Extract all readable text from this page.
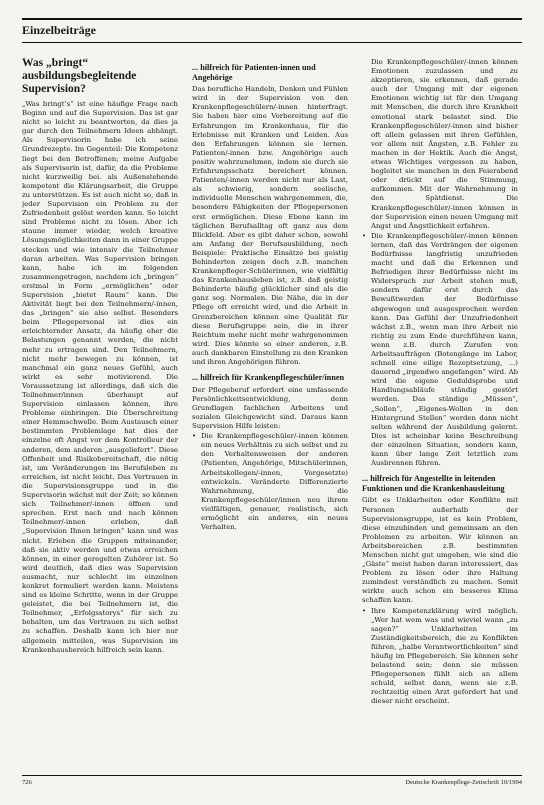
Einzelbeiträge
Was „bringt“ ausbildungsbegleitende Supervision?

„Was bringt’s“ ist eine häufige Frage nach Beginn und auf die Supervision. Das ist gar nicht so leicht zu beantworten, da dies ja gar durch den Teilnehmern Ideen abhängt. Als Supervisorin habe ich seine Grundrezepte. Im Gegenteil: Die Kompetenz liegt bei den Betroffenen; meine Aufgabe als Supervisorin ist, dafür, da die Probleme nicht kurzweilig bei. als Außenstehende kompetent die Klärungsarbeit, die Gruppe zu unterstützen. Es ist auch nicht so, daß in jeder Supervision ein Problem zu der Zufriedenheit gelöst werden kann. So leicht sind Probleme nicht zu lösen. Aber ich staune immer wieder, welch kreative Lösungsmöglichkeiten dann in einer Gruppe stecken und wie intensiv die Teilnehmer daran arbeiten. Was Supervision bringen kann, habe ich im folgenden zusammengetragen, nachdem ich „bringen“ erstmal in Form „ermöglichen“ oder Supervision „bietet Raum“ kann. Die Aktivität liegt bei den Teilnehmern/-innen, das „bringen“ sie also selbst. Besonders beim Pflegepersonal ist dies ein erleichternder Ansatz, da häufig eher die Belastungen genannt werden, die nicht mehr zu ertragen sind. Den Teilnehmern, nicht mehr bewegen zu können, ist manchmal ein ganz neues Gefühl, auch wirkt es sehr motivierend. Die Voraussetzung ist allerdings, daß sich die Teilnehmer/innen überhaupt auf Supervision einlassen können, ihre Probleme einbringen. Die Überschreitung einer Hemmschwelle. Beim Austausch einer bestimmten Problemlage hat dies der einzelne oft Angst vor dem Kontrolleur der anderen, dem anderen „ausgeliefert“. Diese Offenheit und Risikobereitschaft, die nötig ist, um Veränderungen im Berufsleben zu erreichen, ist nicht leicht. Das Vertrauen in die Supervisionsgruppe und in die Supervisorin wächst mit der Zeit; so können sich Teilnehmer/-innen öffnen und sprechen. Erst nach und nach können Teilnehmer/-innen erleben, daß „Supervision Ihnen bringen“ kann und was nicht. Erleben die Gruppen miteinander, daß sie aktiv werden und etwas erreichen können, in einer geregelten Zuhörer ist. So wird deutlich, daß dies was Supervision ausmacht, nur schlecht im einzelnen konkret formuliert werden kann. Meistens sind es kleine Schritte, wenn in der Gruppe geleistet, die bei Teilnehmern ist, die Teilnehmer, „Erfolgsstorys“ für sich zu behalten, um das Vertrauen zu sich selbst zu schaffen. Deshalb kann ich hier nur allgemein mitteilen, was Supervision im Krankenhausbereich hilfreich sein kann.

... hilfreich für Patienten-innen und Angehörige

Das berufliche Handeln, Denken und Fühlen wird in der Supervision von den Krankenpflegeschülern/-innen hinterfragt. Sie haben hier eine Vorbereitung auf die Erfahrungen im Krankenhaus, für die Erlebnisse mit Kranken und Leiden. Aus den Erfahrungen können sie lernen. Patienten/-innen bzw. Angehörige auch positiv wahrzunehmen, indem sie durch sie Erfahrungsschatz bereichert können. Patienten/-innen werden nicht nur als Last, als schwierig, sondern seelische, individuelle Menschen wahrgenommen, die, besondere Fähigkeiten der Pflegepersonen erst ermöglichen. Diese Ebene kann im täglichen Berufsalltag oft ganz aus dem Blickfeld. Aber es gibt daher schon, sowohl am Anfang der Berufsausbildung, noch Beispiele: Praktische Einsätze bei geistig Behinderten zeigen doch z.B. manchen Krankenpfleger-Schülerinnen, wie vielfältig das Krankenhausleben ist, z.B. daß geistig Behinderte häufig glücklicher sind als die ganz sog. Normalen. Die Nähe, die in der Pflege oft erreicht wird, und die Arbeit in Grenzbereichen können eine Qualität für diese Berufsgruppe sein, die in ihrer Reichtum mehr nicht mehr wahrgenommen wird. Dies könnte so einer anderen, z.B. auch dankbaren Einstellung zu den Kranken und ihren Angehörigen führen.

... hilfreich für Krankenpflegeschüler/innen

Der Pflegeberuf erfordert eine umfassende Persönlichkeitsentwicklung, denn Grundlagen fachlichen Arbeitens und sozialen Gleichgewicht sind. Daraus kann Supervision Hilfe leisten:

• Die Krankenpflegeschüler/-innen können ein neues Verhältnis zu sich selbst und zu den Verhaltensweisen der anderen (Patienten, Angehörige, Mitschülerinnen, Arbeitskollegen/-innen, Vorgesetzte) entwickeln. Veränderte Differenzierte Wahrnehmung, die Krankenpflegeschüler/innen neu ihrem vielfältigen, genauer, realistisch, sich ermöglicht ein anderes, ein neues Verhalten.
Die Krankenpflegeschüler/-innen können Emotionen zuzulassen und zu akzeptieren, sie erkennen, daß gerade auch der Umgang mit der eigenen Emotionen wichtig ist für den Umgang mit Menschen, die durch ihre Krankheit emotional stark belastet sind. Die Krankenpflegeschüler/-innen sind bisher oft allein gelassen mit ihren Gefühlen, vor allem mit Ängsten, z.B. Fehler zu machen in der Hektik. Auch die Angst, etwas Wichtiges vergessen zu haben, begleitet sie manchen in den Feierabend oder drückt auf die Stimmung, aufkommen. Mit der Wahrnehmung in den Spätdienst. Die Krankenpflegeschüler/-innen können in der Supervision einen neuen Umgang mit Angst und Ängstlichkeit erfahren.
• Die Krankenpflegeschüler/-innen können lernen, daß das Verdrängen der eigenen Bedürfnisse langfristig unzufrieden macht und daß die Erkennen und Befriedigen ihrer Bedürfnisse nicht im Widerspruch zur Arbeit stehen muß, sondern dafür erst durch das Bewußtwerden der Bedürfnisse abgewogen und ausgesprochen werden kann. Das Gefühl der Unzufriedenheit wächst z.B., wenn man ihre Arbeit nie richtig zu zum Ende durchführen kann, wenn z.B. durch Zurufen von Arbeitsaufträgen (Botengänge im Labor, schnell eine eilige Rezeptsetzung, ...) dauernd „irgendwo angefangen“ wird. Ab wird die eigene Geduldsprobe und Handlungsabläufe ständig gestört werden. Das ständige „Müssen“, „Sollen“, „Eigenes-Wollen in den Hintergrund Stellen“ werden dann nicht selten während der Ausbildung gelernt. Dies ist scheinbar keine Beschreibung der einzelnen Situation, sondern kann, kann über lange Zeit letztlich zum Ausbrennen führen.
... hilfreich für Angestellte in leitenden Funktionen und die Krankenhausleitung

Gibt es Unklarheiten oder Konflikte mit Personen außerhalb der Supervisionsgruppe, ist es kein Problem, diese einzubinden und gemeinsam an den Problemen zu arbeiten. Wir können an Arbeitsbereichen z.B. bestimmten Menschen nicht gut umgehen, wie sind die „Gäste“ meist haben daran interessiert, das Problem zu lösen oder ihre Haltung zumindest verständlich zu machen. Somit wirkte auch schon ein besseres Klima schaffen kann.

• Ihre Kompetenzklärung wird möglich. „Wer hat wem was und wieviel wann „zu sagen?“ Unklarheiten im Zuständigkeitsbereich, die zu Konflikten führen, „halbe Verantwortlichkeiten“ sind häufig im Pflegebereich. Sie können sehr belastend sein; denn sie müssen Pflegepersonen fühlt sich an allem schuld, selbst dann, wenn sie z.B. rechtzeitig einen Arzt gefordert hat und dieser nicht erscheint.
726	Deutsche Krankenpflege-Zeitschrift 10/1994
